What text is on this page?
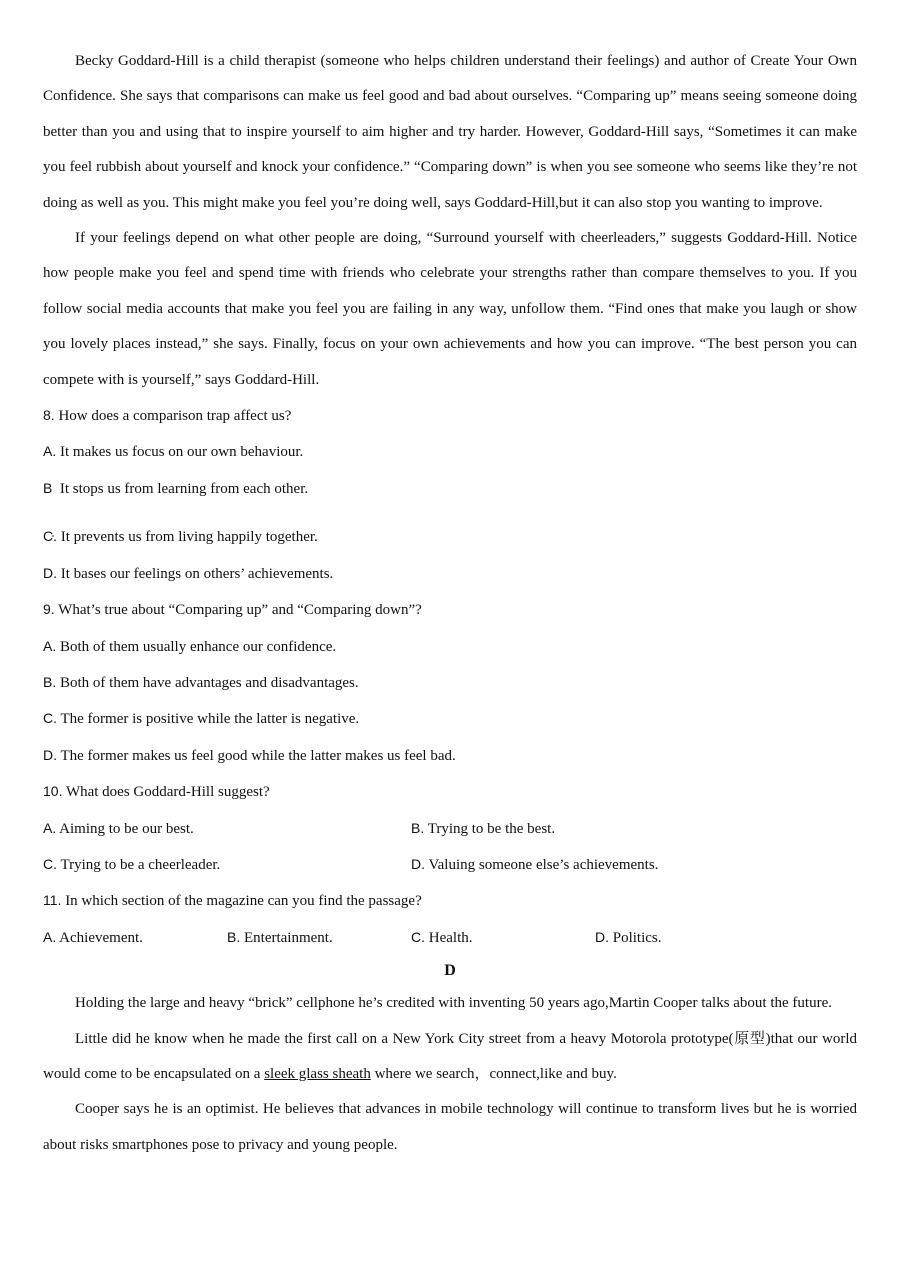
Becky Goddard-Hill is a child therapist (someone who helps children understand their feelings) and author of Create Your Own Confidence. She says that comparisons can make us feel good and bad about ourselves. “Comparing up” means seeing someone doing better than you and using that to inspire yourself to aim higher and try harder. However, Goddard-Hill says, “Sometimes it can make you feel rubbish about yourself and knock your confidence.” “Comparing down” is when you see someone who seems like they’re not doing as well as you. This might make you feel you’re doing well, says Goddard-Hill,but it can also stop you wanting to improve.

If your feelings depend on what other people are doing, “Surround yourself with cheerleaders,” suggests Goddard-Hill. Notice how people make you feel and spend time with friends who celebrate your strengths rather than compare themselves to you. If you follow social media accounts that make you feel you are failing in any way, unfollow them. “Find ones that make you laugh or show you lovely places instead,” she says. Finally, focus on your own achievements and how you can improve. “The best person you can compete with is yourself,” says Goddard-Hill.

8. How does a comparison trap affect us?

A. It makes us focus on our own behaviour.

B It stops us from learning from each other.

C. It prevents us from living happily together.

D. It bases our feelings on others’ achievements.

9. What’s true about “Comparing up” and “Comparing down”?

A. Both of them usually enhance our confidence.

B. Both of them have advantages and disadvantages.

C. The former is positive while the latter is negative.

D. The former makes us feel good while the latter makes us feel bad.

10. What does Goddard-Hill suggest?

A. Aiming to be our best.	B. Trying to be the best.
C. Trying to be a cheerleader.	D. Valuing someone else’s achievements.

11. In which section of the magazine can you find the passage?

A. Achievement.	B. Entertainment.	C. Health.	D. Politics.

D

Holding the large and heavy “brick” cellphone he’s credited with inventing 50 years ago,Martin Cooper talks about the future.

Little did he know when he made the first call on a New York City street from a heavy Motorola prototype(原型)that our world would come to be encapsulated on a sleek glass sheath where we search，connect,like and buy.

Cooper says he is an optimist. He believes that advances in mobile technology will continue to transform lives but he is worried about risks smartphones pose to privacy and young people.
